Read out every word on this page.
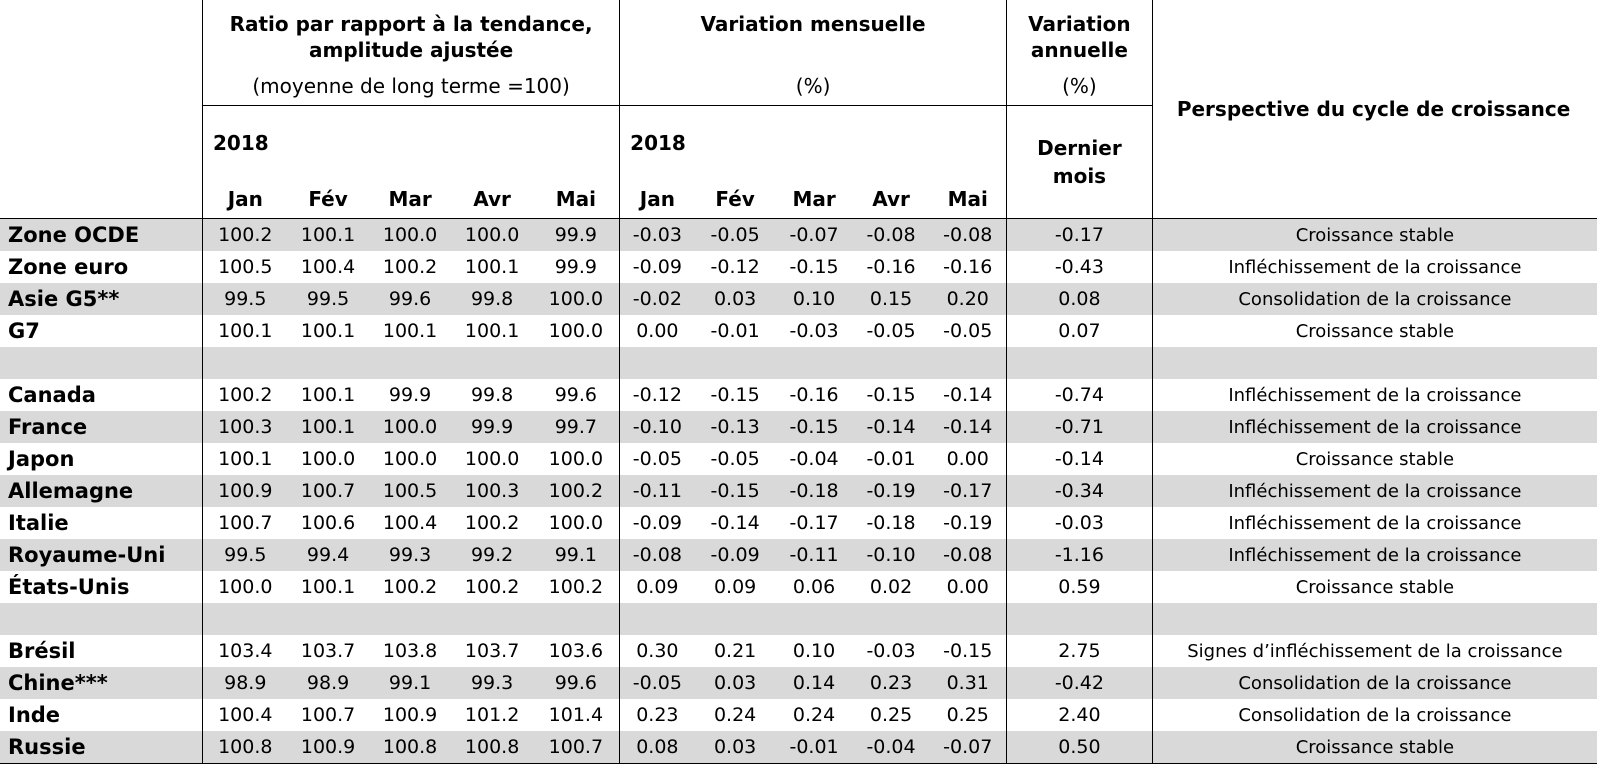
	Ratio par rapport à la tendance,
amplitude ajustée
(moyenne de long terme =100)					Variation mensuelle

(%)					Variation
annuelle
(%)	Perspective du cycle de croissance
	2018					2018					Dernier
mois	
	Jan	Fév	Mar	Avr	Mai	Jan	Fév	Mar	Avr	Mai		

Zone OCDE	100.2	100.1	100.0	100.0	99.9	-0.03	-0.05	-0.07	-0.08	-0.08	-0.17	Croissance stable
Zone euro	100.5	100.4	100.2	100.1	99.9	-0.09	-0.12	-0.15	-0.16	-0.16	-0.43	Infléchissement de la croissance
Asie G5**	99.5	99.5	99.6	99.8	100.0	-0.02	0.03	0.10	0.15	0.20	0.08	Consolidation de la croissance
G7	100.1	100.1	100.1	100.1	100.0	0.00	-0.01	-0.03	-0.05	-0.05	0.07	Croissance stable

Canada	100.2	100.1	99.9	99.8	99.6	-0.12	-0.15	-0.16	-0.15	-0.14	-0.74	Infléchissement de la croissance
France	100.3	100.1	100.0	99.9	99.7	-0.10	-0.13	-0.15	-0.14	-0.14	-0.71	Infléchissement de la croissance
Japon	100.1	100.0	100.0	100.0	100.0	-0.05	-0.05	-0.04	-0.01	0.00	-0.14	Croissance stable
Allemagne	100.9	100.7	100.5	100.3	100.2	-0.11	-0.15	-0.18	-0.19	-0.17	-0.34	Infléchissement de la croissance
Italie	100.7	100.6	100.4	100.2	100.0	-0.09	-0.14	-0.17	-0.18	-0.19	-0.03	Infléchissement de la croissance
Royaume-Uni	99.5	99.4	99.3	99.2	99.1	-0.08	-0.09	-0.11	-0.10	-0.08	-1.16	Infléchissement de la croissance
États-Unis	100.0	100.1	100.2	100.2	100.2	0.09	0.09	0.06	0.02	0.00	0.59	Croissance stable

Brésil	103.4	103.7	103.8	103.7	103.6	0.30	0.21	0.10	-0.03	-0.15	2.75	Signes d’infléchissement de la croissance
Chine***	98.9	98.9	99.1	99.3	99.6	-0.05	0.03	0.14	0.23	0.31	-0.42	Consolidation de la croissance
Inde	100.4	100.7	100.9	101.2	101.4	0.23	0.24	0.24	0.25	0.25	2.40	Consolidation de la croissance
Russie	100.8	100.9	100.8	100.8	100.7	0.08	0.03	-0.01	-0.04	-0.07	0.50	Croissance stable
